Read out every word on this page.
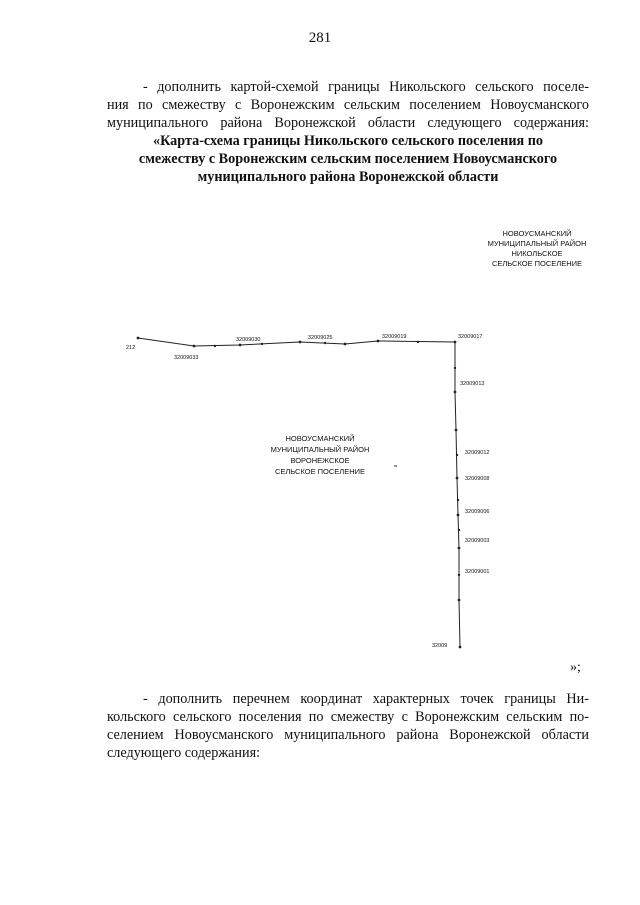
281
- дополнить картой-схемой границы Никольского сельского поселе-
ния по смежеству с Воронежским сельским поселением Новоусманского
муниципального района Воронежской области следующего содержания:
«Карта-схема границы Никольского сельского поселения по
смежеству с Воронежским сельским поселением Новоусманского
муниципального района Воронежской области
НОВОУСМАНСКИЙ
МУНИЦИПАЛЬНЫЙ РАЙОН
НИКОЛЬСКОЕ
СЕЛЬСКОЕ ПОСЕЛЕНИЕ
212
32009033
32009030	32009025	32009019	32009017
32009013
32009012
32009008
32009006
32009003
32009001
32009
НОВОУСМАНСКИЙ
МУНИЦИПАЛЬНЫЙ РАЙОН
ВОРОНЕЖСКОЕ
СЕЛЬСКОЕ ПОСЕЛЕНИЕ
»;
- дополнить перечнем координат характерных точек границы Ни-
кольского сельского поселения по смежеству с Воронежским сельским по-
селением Новоусманского муниципального района Воронежской области
следующего содержания:
